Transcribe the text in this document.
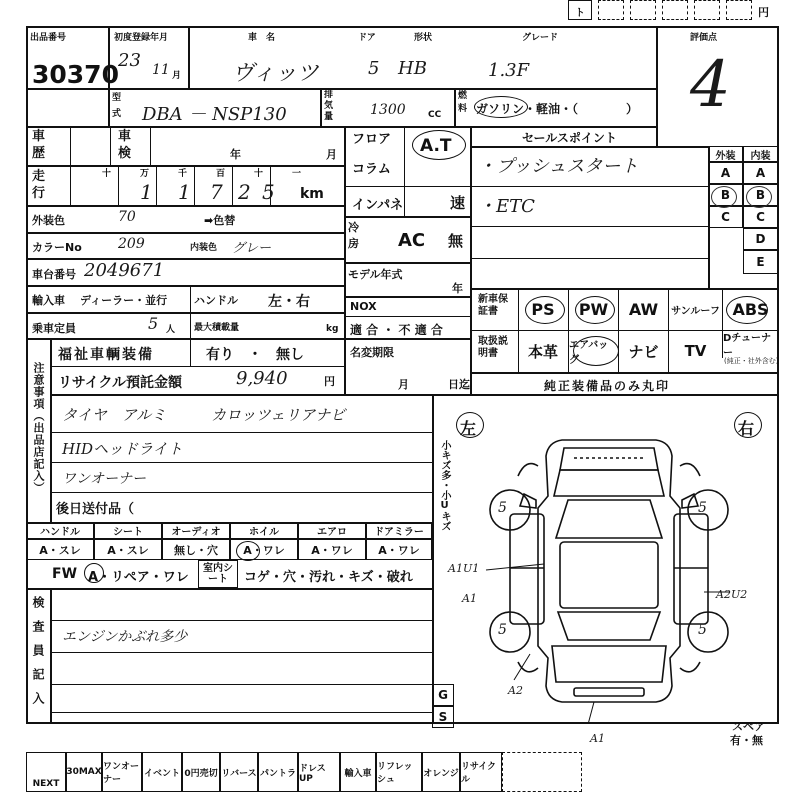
ト	円
出品番号
30370
初度登録年月
23 11 月
車　名
ヴィッツ
ドア	形状
5 HB
グレード
1.3F
評価点
4
型式 DBA － NSP130
排気量	1300 CC
燃料 ガソリン・軽油・（　　　　）
車歴
車検	年	月
走行
十	万	千	百	十	一
1 1 7 2 5 km
外装色	70	➡色替
カラーNo	209	内装色 グレー
車台番号 2049671
輸入車 ディーラー・並行 ハンドル 左・右
乗車定員	5 人 最大積載量	kg
注意事項（出品店記入）
福祉車輌装備	有り　・　無し
リサイクル預託金額	9,940	円
タイヤ　アルミ　　　カロッツェリアナビ
HIDヘッドライト
ワンオーナー
後日送付品（
ハンドル	シート	オーディオ	ホイル	エアロ	ドアミラー
A・スレ	A・スレ	無し・穴	A・ワレ	A・ワレ	A・ワレ
FW A・リペア・ワレ
室内シート	コゲ・穴・汚れ・キズ・破れ
検査員記入 エンジンかぶれ多少
フロア
コラム
インパネ
A.T
速
冷房 AC 無
モデル年式
年
NOX
適 合 ・ 不 適 合
名変期限
月	日迄
セールスポイント
・プッシュスタート
・ETC
外装	内装
A
B
C
A
B
C
D
E
新車保証書
取扱説明書
PS	PW	AW	サンルーフ ABS
本革	エアバッグ	ナビ	TV
Dチューナー
(純正・社外含む)
純正装備品のみ丸印
左	右
小キズ多・小Uキズ	5
5
5	5
A1U1
A1	A2U2
A2
A1
スペア
有・無
G
S
NEXT
30MAX ワンオーナー
イベント 0円売切 リバース パントラ ドレスUP	輸入車
リフレッシュ
オレンジ
リサイクル
